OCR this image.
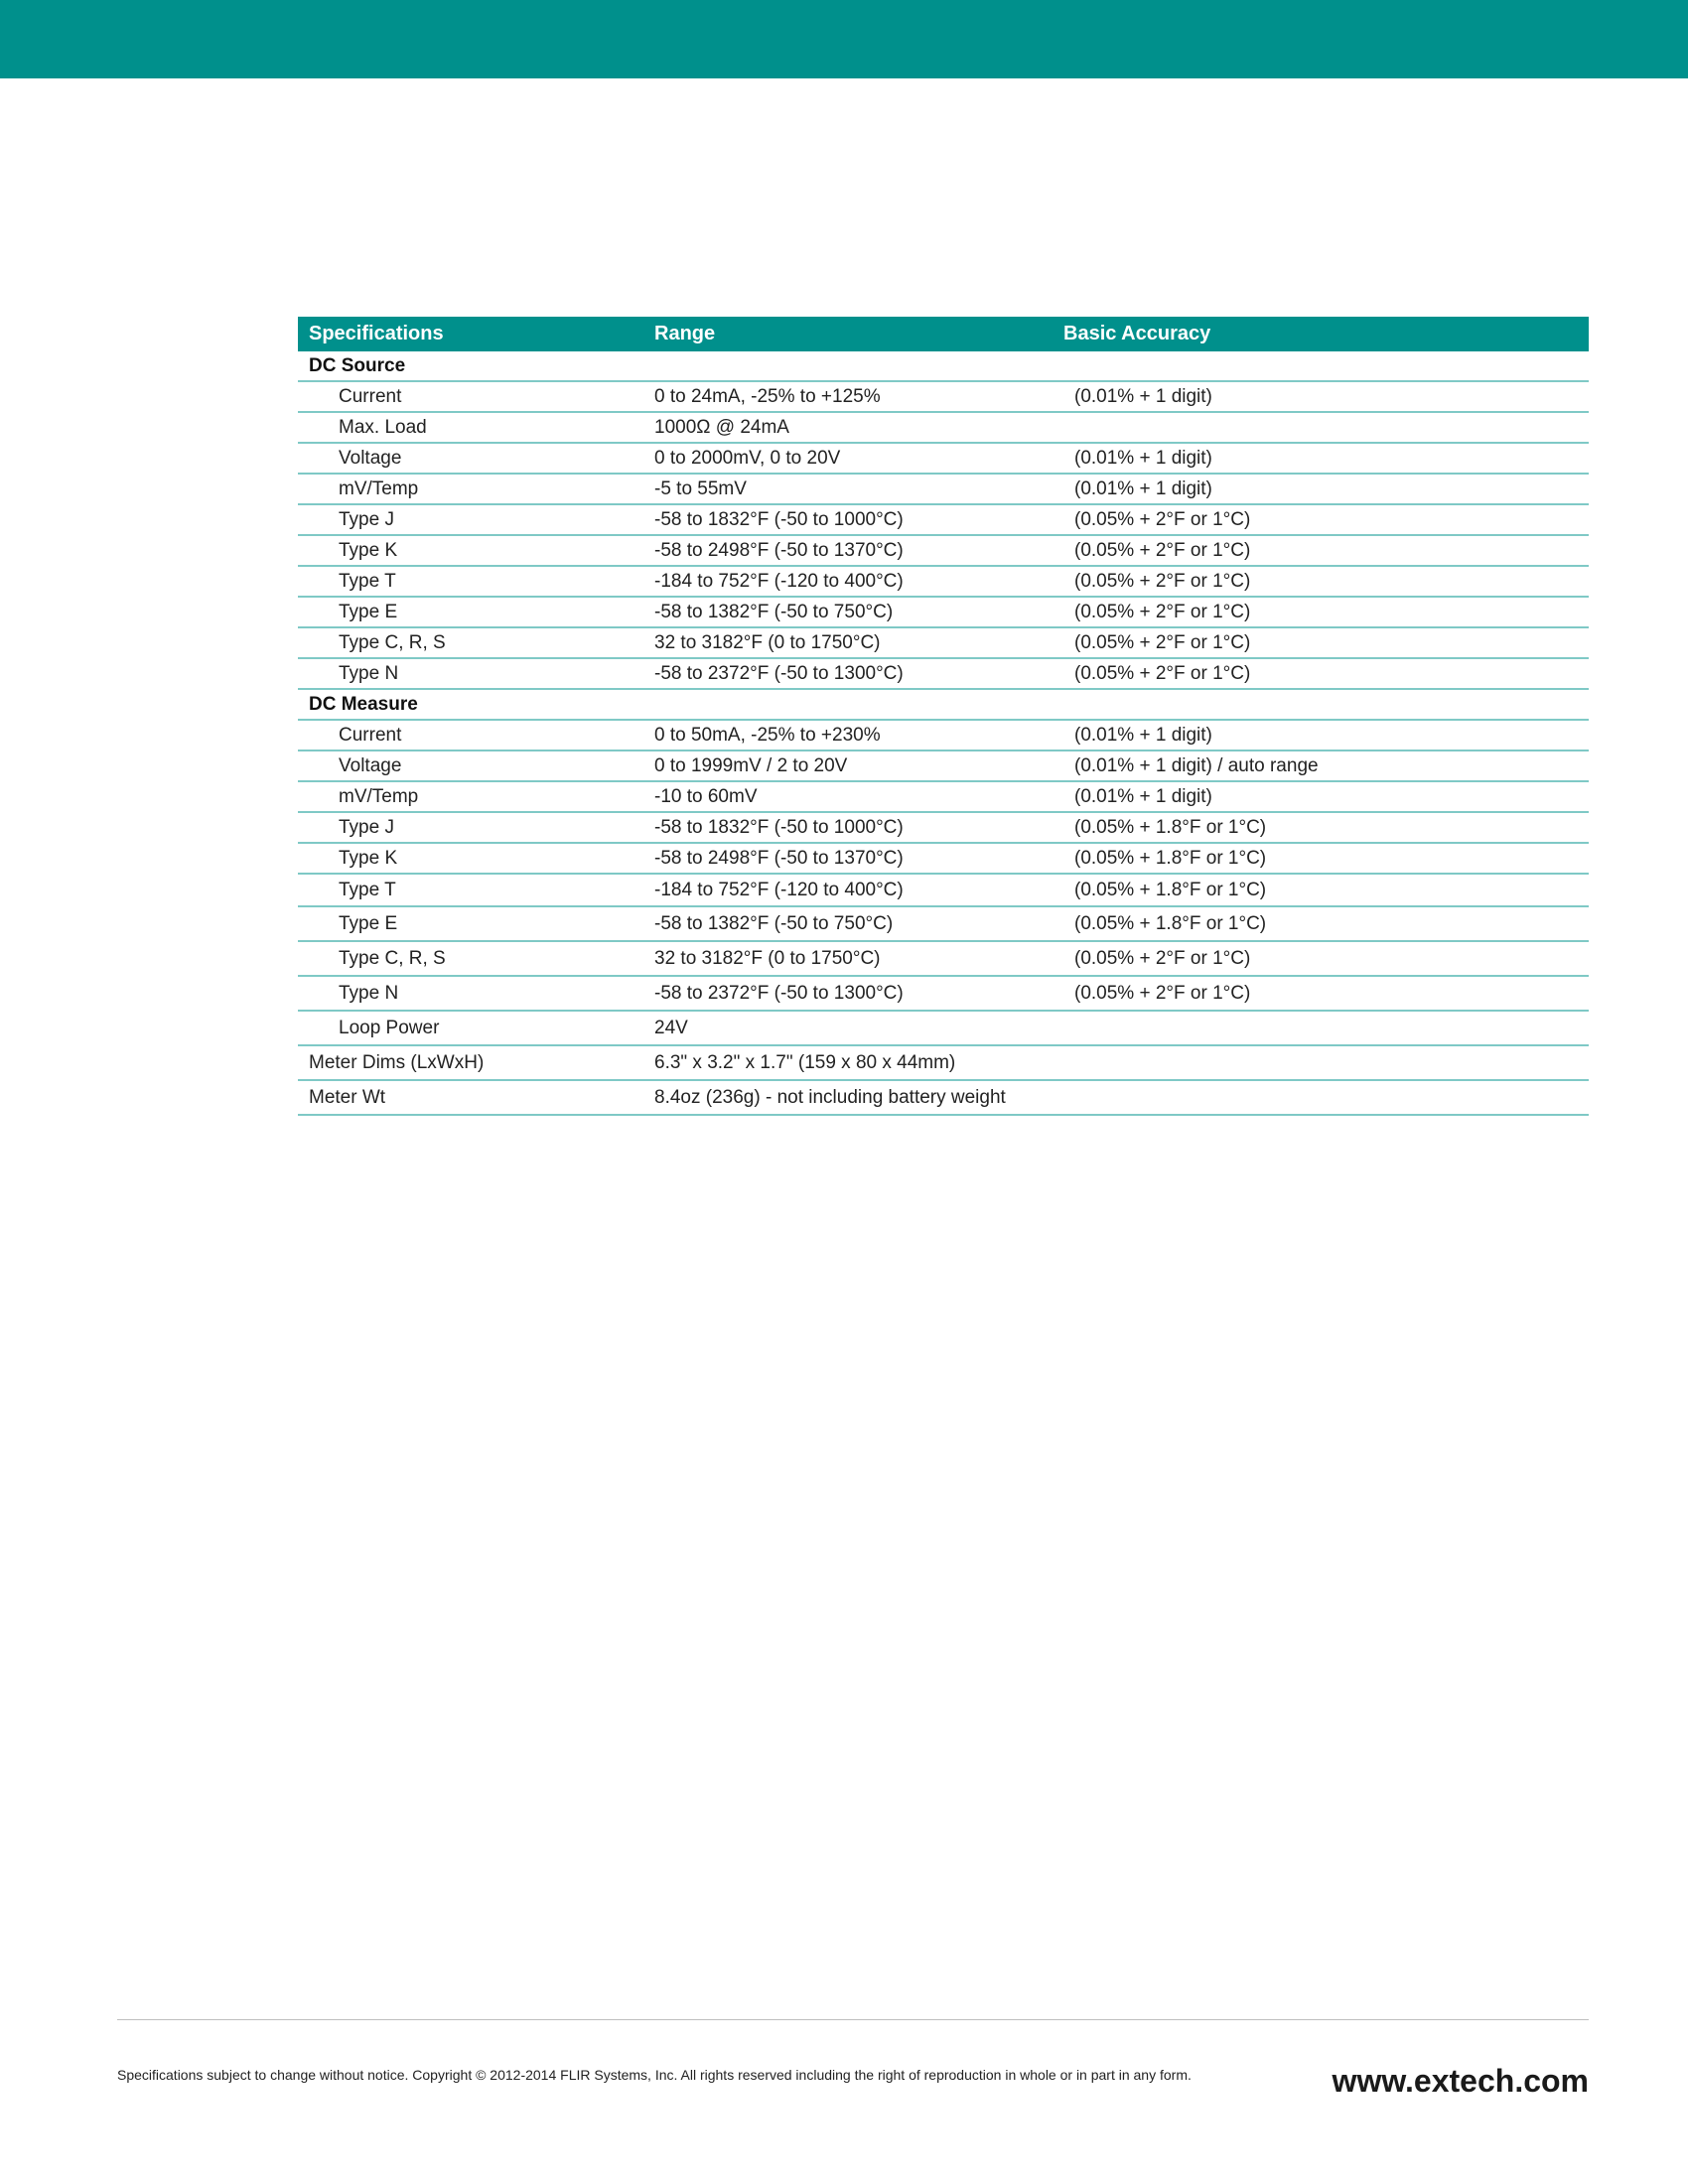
Specifications	Range	Basic Accuracy
DC Source
Current	0 to 24mA, -25% to +125%	(0.01% + 1 digit)
Max. Load	1000Ω @ 24mA
Voltage	0 to 2000mV, 0 to 20V	(0.01% + 1 digit)
mV/Temp	-5 to 55mV	(0.01% + 1 digit)
Type J	-58 to 1832°F (-50 to 1000°C)	(0.05% + 2°F or 1°C)
Type K	-58 to 2498°F (-50 to 1370°C)	(0.05% + 2°F or 1°C)
Type T	-184 to 752°F (-120 to 400°C)	(0.05% + 2°F or 1°C)
Type E	-58 to 1382°F (-50 to 750°C)	(0.05% + 2°F or 1°C)
Type C, R, S	32 to 3182°F (0 to 1750°C)	(0.05% + 2°F or 1°C)
Type N	-58 to 2372°F (-50 to 1300°C)	(0.05% + 2°F or 1°C)
DC Measure
Current	0 to 50mA, -25% to +230%	(0.01% + 1 digit)
Voltage	0 to 1999mV / 2 to 20V	(0.01% + 1 digit) / auto range
mV/Temp	-10 to 60mV	(0.01% + 1 digit)
Type J	-58 to 1832°F (-50 to 1000°C)	(0.05% + 1.8°F or 1°C)
Type K	-58 to 2498°F (-50 to 1370°C)	(0.05% + 1.8°F or 1°C)
Type T	-184 to 752°F (-120 to 400°C)	(0.05% + 1.8°F or 1°C)
Type E	-58 to 1382°F (-50 to 750°C)	(0.05% + 1.8°F or 1°C)
Type C, R, S	32 to 3182°F (0 to 1750°C)	(0.05% + 2°F or 1°C)
Type N	-58 to 2372°F (-50 to 1300°C)	(0.05% + 2°F or 1°C)
Loop Power	24V
Meter Dims (LxWxH)	6.3" x 3.2" x 1.7" (159 x 80 x 44mm)
Meter Wt	8.4oz (236g) - not including battery weight
Specifications subject to change without notice. Copyright © 2012-2014 FLIR Systems, Inc. All rights reserved including the right of reproduction in whole or in part in any form.	www.extech.com
